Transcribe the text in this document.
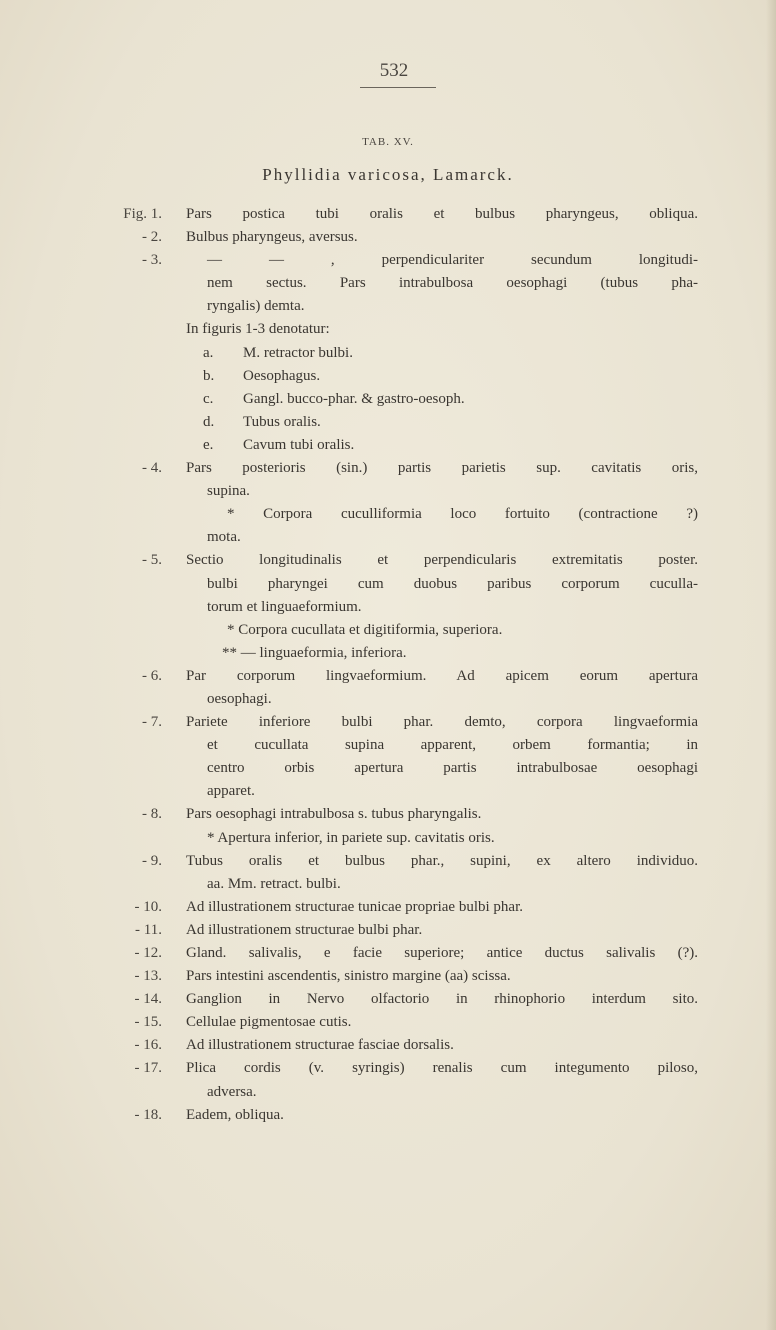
532
TAB. XV.
Phyllidia varicosa, Lamarck.
Fig. 1. Pars postica tubi oralis et bulbus pharyngeus, obliqua.
- 2. Bulbus pharyngeus, aversus.
- 3.	— — , perpendiculariter secundum longitudi-
nem sectus. Pars intrabulbosa oesophagi (tubus pha-
ryngalis) demta.
In figuris 1-3 denotatur:
a. M. retractor bulbi.
b. Oesophagus.
c. Gangl. bucco-phar. & gastro-oesoph.
d. Tubus oralis.
e. Cavum tubi oralis.
- 4. Pars posterioris (sin.) partis parietis sup. cavitatis oris,
supina.
* Corpora cuculliformia loco fortuito (contractione ?)
mota.
- 5. Sectio longitudinalis et perpendicularis extremitatis poster.
bulbi pharyngei cum duobus paribus corporum cuculla-
torum et linguaeformium.
* Corpora cucullata et digitiformia, superiora.
** — linguaeformia, inferiora.
- 6. Par corporum lingvaeformium. Ad apicem eorum apertura
oesophagi.
- 7. Pariete inferiore bulbi phar. demto, corpora lingvaeformia
et cucullata supina apparent, orbem formantia; in
centro orbis apertura partis intrabulbosae oesophagi
apparet.
- 8. Pars oesophagi intrabulbosa s. tubus pharyngalis.
* Apertura inferior, in pariete sup. cavitatis oris.
- 9. Tubus oralis et bulbus phar., supini, ex altero individuo.
aa. Mm. retract. bulbi.
- 10. Ad illustrationem structurae tunicae propriae bulbi phar.
- 11. Ad illustrationem structurae bulbi phar.
- 12. Gland. salivalis, e facie superiore; antice ductus salivalis (?).
- 13. Pars intestini ascendentis, sinistro margine (aa) scissa.
- 14. Ganglion in Nervo olfactorio in rhinophorio interdum sito.
- 15. Cellulae pigmentosae cutis.
- 16. Ad illustrationem structurae fasciae dorsalis.
- 17. Plica cordis (v. syringis) renalis cum integumento piloso,
adversa.
- 18. Eadem, obliqua.
